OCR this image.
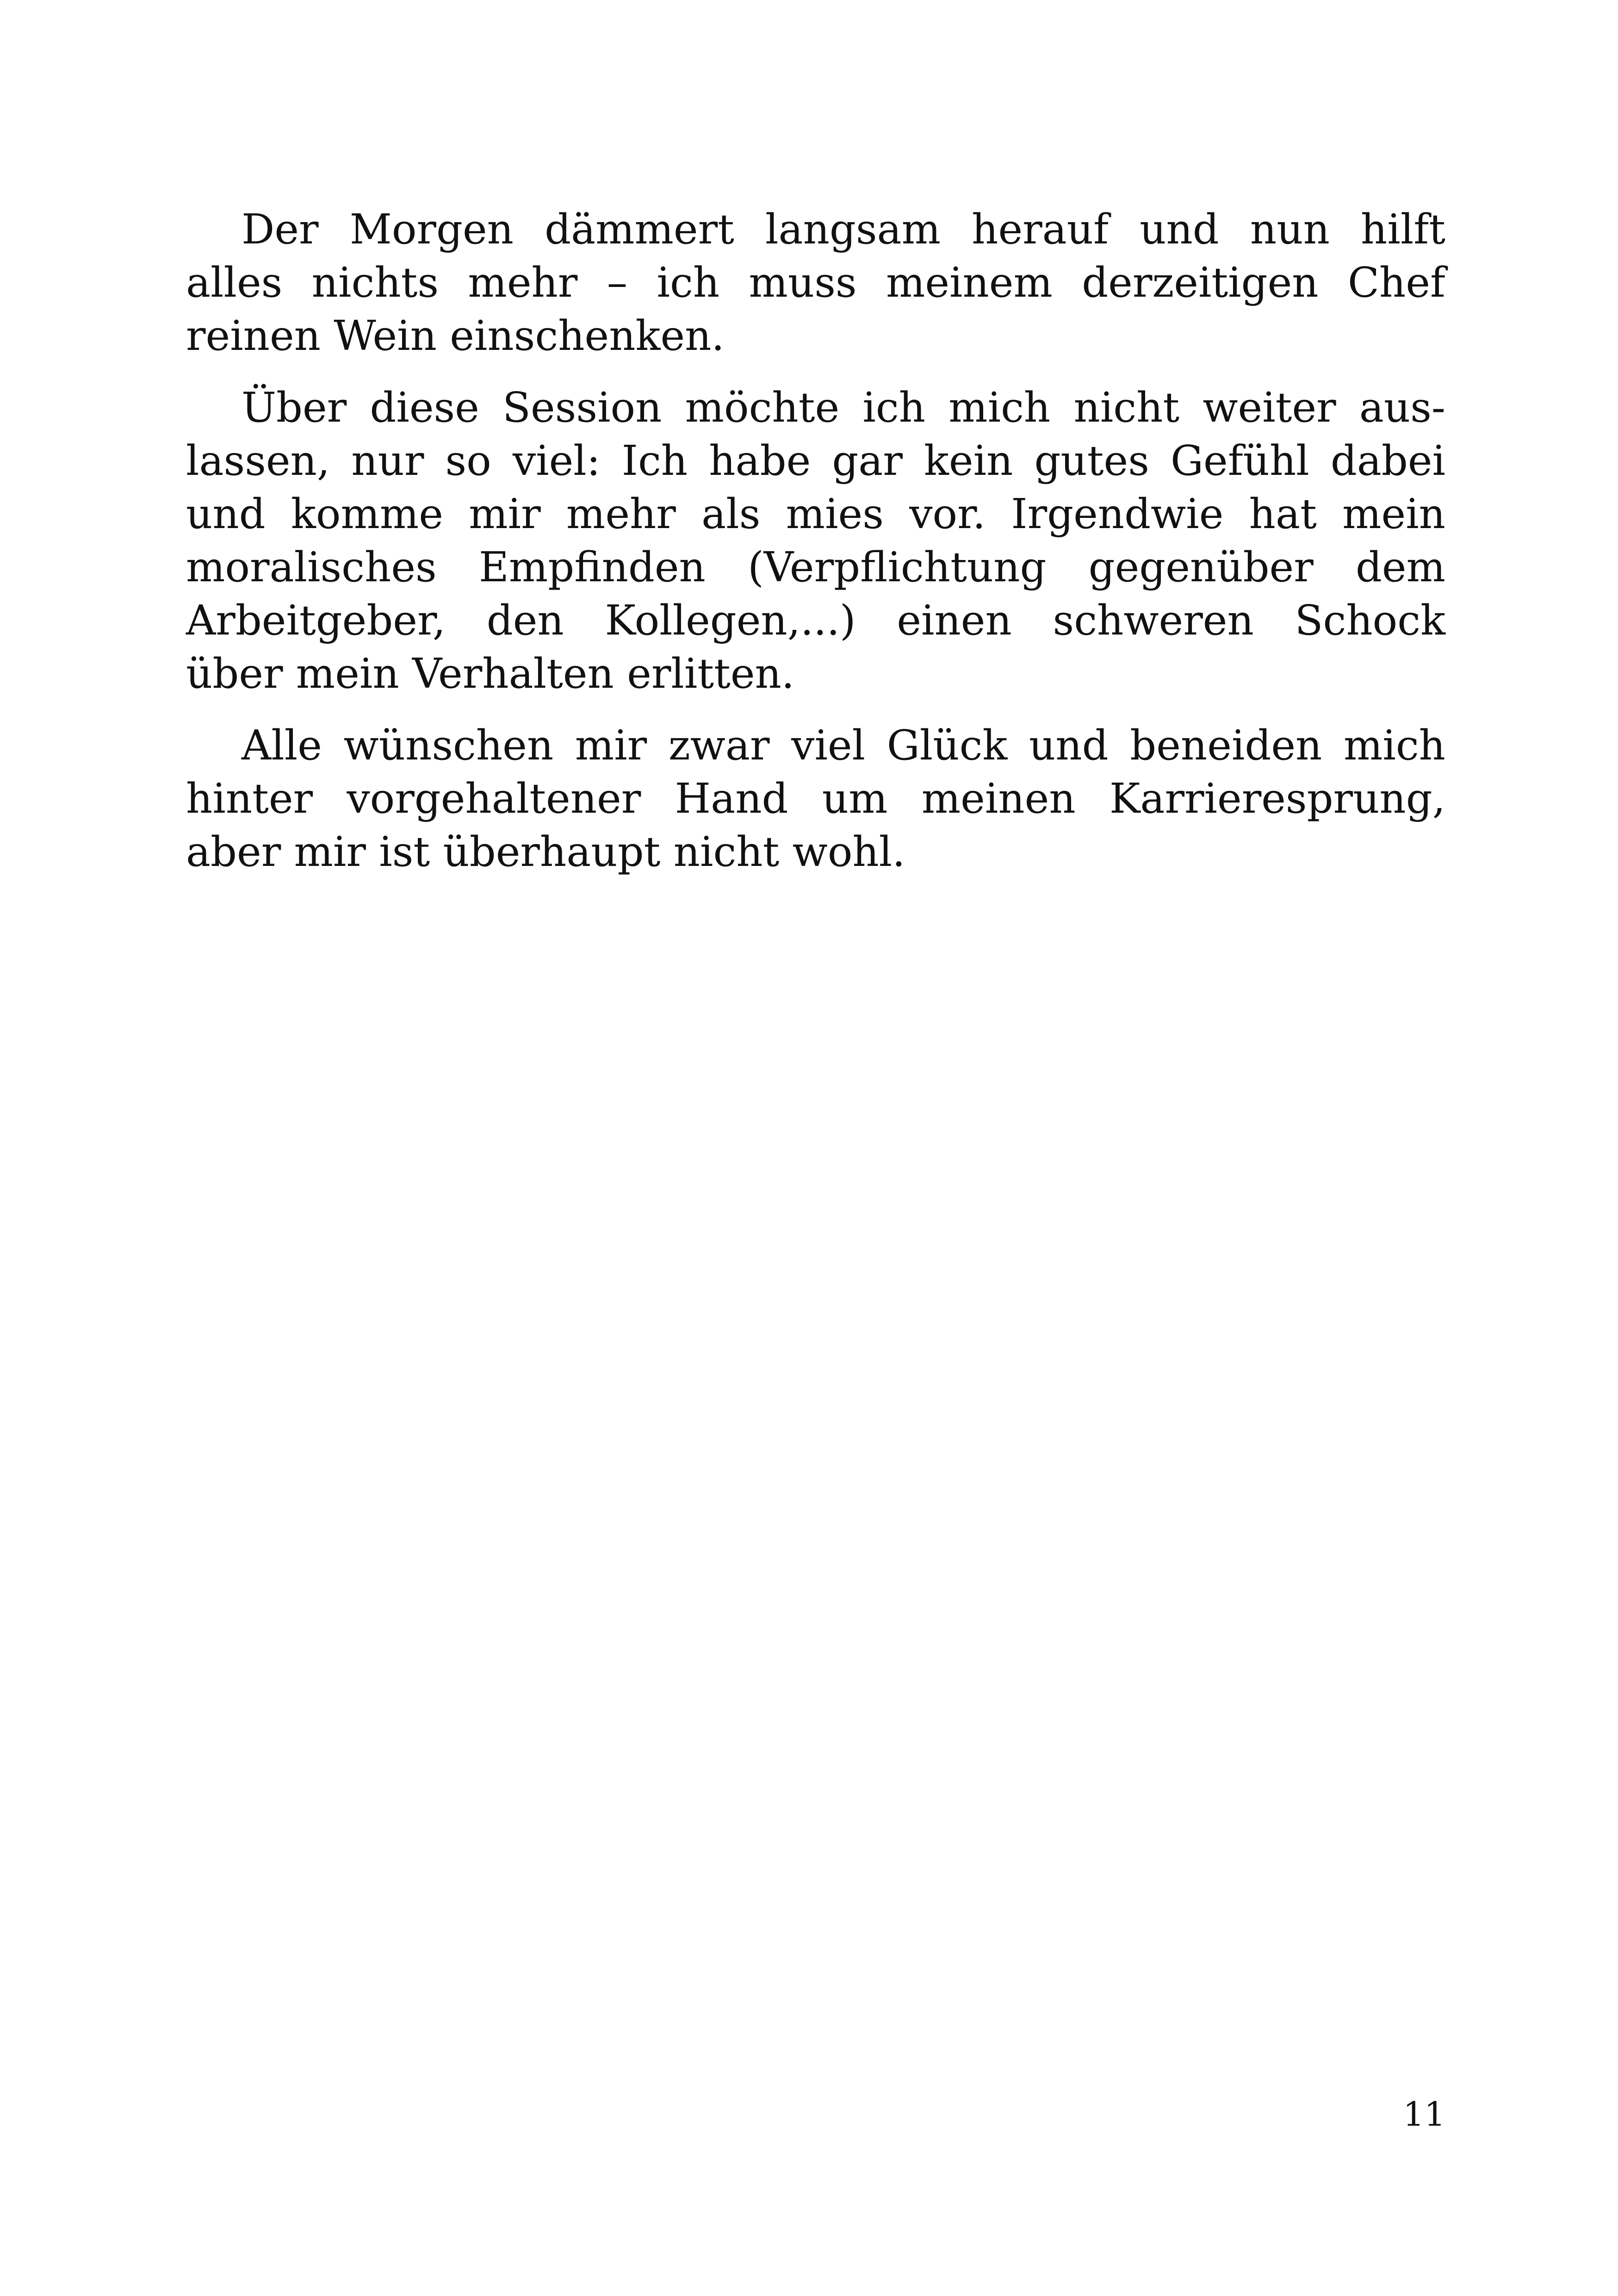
Der Morgen dämmert langsam herauf und nun hilft
alles nichts mehr – ich muss meinem derzeitigen Chef
reinen Wein einschenken.

Über diese Session möchte ich mich nicht weiter aus-
lassen, nur so viel: Ich habe gar kein gutes Gefühl dabei
und komme mir mehr als mies vor. Irgendwie hat mein
moralisches Empfinden (Verpflichtung gegenüber dem
Arbeitgeber, den Kollegen,...) einen schweren Schock
über mein Verhalten erlitten.

Alle wünschen mir zwar viel Glück und beneiden mich
hinter vorgehaltener Hand um meinen Karrieresprung,
aber mir ist überhaupt nicht wohl.

11
